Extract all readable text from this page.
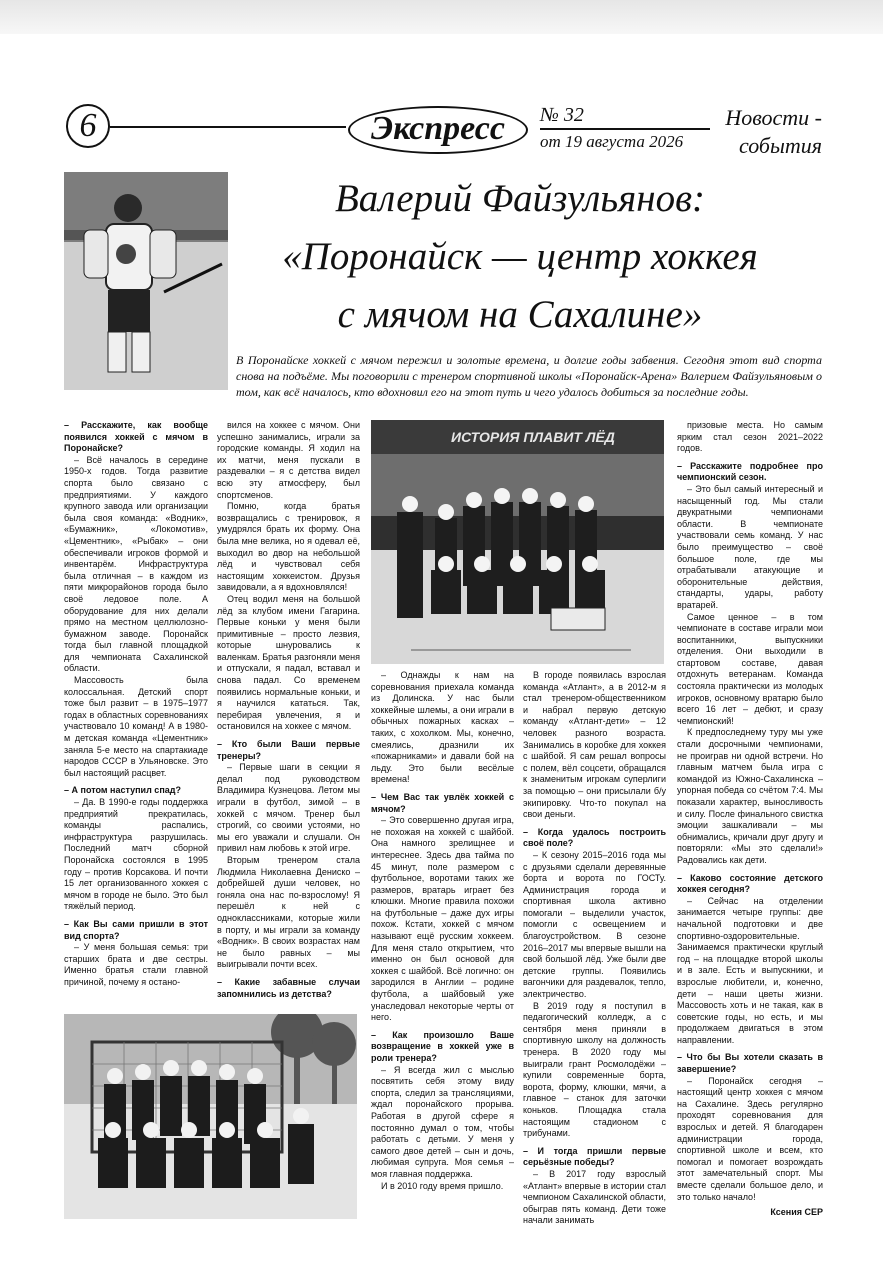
6	Экспресс	№ 32
от 19 августа 2026
Новости -
события
Валерий Файзульянов:
«Поронайск — центр хоккея
с мячом на Сахалине»
В Поронайске хоккей с мячом пережил и золотые времена, и долгие годы забвения. Сегодня этот вид спорта снова на подъёме. Мы поговорили с тренером спортивной школы «Поронайск-Арена» Валерием Файзульяновым о том, как всё началось, кто вдохновил его на этот путь и чего удалось добиться за последние годы.
ИСТОРИЯ ПЛАВИТ ЛЁД

– Расскажите, как вообще появился хоккей с мячом в Поронайске?

– Всё началось в середине 1950-х годов. Тогда развитие спорта было связано с предприятиями. У каждого крупного завода или организации была своя команда: «Водник», «Бумажник», «Локомотив», «Цементник», «Рыбак» – они обеспечивали игроков формой и инвентарём. Инфраструктура была отличная – в каждом из пяти микрорайонов города было своё ледовое поле. А оборудование для них делали прямо на местном целлюлозно-бумажном заводе. Поронайск тогда был главной площадкой для чемпионата Сахалинской области.

Массовость была колоссальная. Детский спорт тоже был развит – в 1975–1977 годах в областных соревнованиях участвовало 10 команд! А в 1980-м детская команда «Цементник» заняла 5-е место на спартакиаде народов СССР в Ульяновске. Это был настоящий расцвет.

– А потом наступил спад?

– Да. В 1990-е годы поддержка предприятий прекратилась, команды распались, инфраструктура разрушилась. Последний матч сборной Поронайска состоялся в 1995 году – против Корсакова. И почти 15 лет организованного хоккея с мячом в городе не было. Это был тяжёлый период.

– Как Вы сами пришли в этот вид спорта?

– У меня большая семья: три старших брата и две сестры. Именно братья стали главной причиной, почему я остано-

вился на хоккее с мячом. Они успешно занимались, играли за городские команды. Я ходил на их матчи, меня пускали в раздевалки – я с детства видел всю эту атмосферу, был спортсменов.

Помню, когда братья возвращались с тренировок, я умудрялся брать их форму. Она была мне велика, но я одевал её, выходил во двор на небольшой лёд и чувствовал себя настоящим хоккеистом. Друзья завидовали, а я вдохновлялся!

Отец водил меня на большой лёд за клубом имени Гагарина. Первые коньки у меня были примитивные – просто лезвия, которые шнуровались к валенкам. Братья разгоняли меня и отпускали, я падал, вставал и снова падал. Со временем появились нормальные коньки, и я научился кататься. Так, перебирая увлечения, я и остановился на хоккее с мячом.

– Кто были Ваши первые тренеры?

– Первые шаги в секции я делал под руководством Владимира Кузнецова. Летом мы играли в футбол, зимой – в хоккей с мячом. Тренер был строгий, со своими устоями, но мы его уважали и слушали. Он привил нам любовь к этой игре.

Вторым тренером стала Людмила Николаевна Дениско – добрейшей души человек, но гоняла она нас по-взрослому! Я перешёл к ней с одноклассниками, которые жили в порту, и мы играли за команду «Водник». В своих возрастах нам не было равных – мы выигрывали почти всех.

– Какие забавные случаи запомнились из детства?

– Однажды к нам на соревнования приехала команда из Долинска. У нас были хоккейные шлемы, а они играли в обычных пожарных касках – таких, с хохолком. Мы, конечно, смеялись, дразнили их «пожарниками» и давали бой на льду. Это были весёлые времена!

– Чем Вас так увлёк хоккей с мячом?

– Это совершенно другая игра, не похожая на хоккей с шайбой. Она намного зрелищнее и интереснее. Здесь два тайма по 45 минут, поле размером с футбольное, воротами таких же размеров, вратарь играет без клюшки. Многие правила похожи на футбольные – даже дух игры похож. Кстати, хоккей с мячом называют ещё русским хоккеем. Для меня стало открытием, что именно он был основой для хоккея с шайбой. Всё логично: он зародился в Англии – родине футбола, а шайбовый уже унаследовал некоторые черты от него.

– Как произошло Ваше возвращение в хоккей уже в роли тренера?

– Я всегда жил с мыслью посвятить себя этому виду спорта, следил за трансляциями, ждал поронайского прорыва. Работая в другой сфере я постоянно думал о том, чтобы работать с детьми. У меня у самого двое детей – сын и дочь, любимая супруга. Моя семья – моя главная поддержка.

И в 2010 году время пришло.

В городе появилась взрослая команда «Атлант», а в 2012-м я стал тренером-общественником и набрал первую детскую команду «Атлант-дети» – 12 человек разного возраста. Занимались в коробке для хоккея с шайбой. Я сам решал вопросы с полем, вёл соцсети, обращался к знаменитым игрокам суперлиги за помощью – они присылали б/у экипировку. Что-то покупал на свои деньги.

– Когда удалось построить своё поле?

– К сезону 2015–2016 года мы с друзьями сделали деревянные борта и ворота по ГОСТу. Администрация города и спортивная школа активно помогали – выделили участок, помогли с освещением и благоустройством. В сезоне 2016–2017 мы впервые вышли на свой большой лёд. Уже были две детские группы. Появились вагончики для раздевалок, тепло, электричество.

В 2019 году я поступил в педагогический колледж, а с сентября меня приняли в спортивную школу на должность тренера. В 2020 году мы выиграли грант Росмолодёжи – купили современные борта, ворота, форму, клюшки, мячи, а главное – станок для заточки коньков. Площадка стала настоящим стадионом с трибунами.

– И тогда пришли первые серьёзные победы?

– В 2017 году взрослый «Атлант» впервые в истории стал чемпионом Сахалинской области, обыграв пять команд. Дети тоже начали занимать

призовые места. Но самым ярким стал сезон 2021–2022 годов.

– Расскажите подробнее про чемпионский сезон.

– Это был самый интересный и насыщенный год. Мы стали двукратными чемпионами области. В чемпионате участвовали семь команд. У нас было преимущество – своё большое поле, где мы отрабатывали атакующие и оборонительные действия, стандарты, удары, работу вратарей.

Самое ценное – в том чемпионате в составе играли мои воспитанники, выпускники отделения. Они выходили в стартовом составе, давая отдохнуть ветеранам. Команда состояла практически из молодых игроков, основному вратарю было всего 16 лет – дебют, и сразу чемпионский!

К предпоследнему туру мы уже стали досрочными чемпионами, не проиграв ни одной встречи. Но главным матчем была игра с командой из Южно-Сахалинска – упорная победа со счётом 7:4. Мы показали характер, выносливость и силу. После финального свистка эмоции зашкаливали – мы обнимались, кричали друг другу и повторяли: «Мы это сделали!» Радовались как дети.

– Каково состояние детского хоккея сегодня?

– Сейчас на отделении занимается четыре группы: две начальной подготовки и две спортивно-оздоровительные. Занимаемся практически круглый год – на площадке второй школы и в зале. Есть и выпускники, и взрослые любители, и, конечно, дети – наши цветы жизни. Массовость хоть и не такая, как в советские годы, но есть, и мы продолжаем двигаться в этом направлении.

– Что бы Вы хотели сказать в завершение?

– Поронайск сегодня – настоящий центр хоккея с мячом на Сахалине. Здесь регулярно проходят соревнования для взрослых и детей. Я благодарен администрации города, спортивной школе и всем, кто помогал и помогает возрождать этот замечательный спорт. Мы вместе сделали большое дело, и это только начало!

Ксения СЕР
